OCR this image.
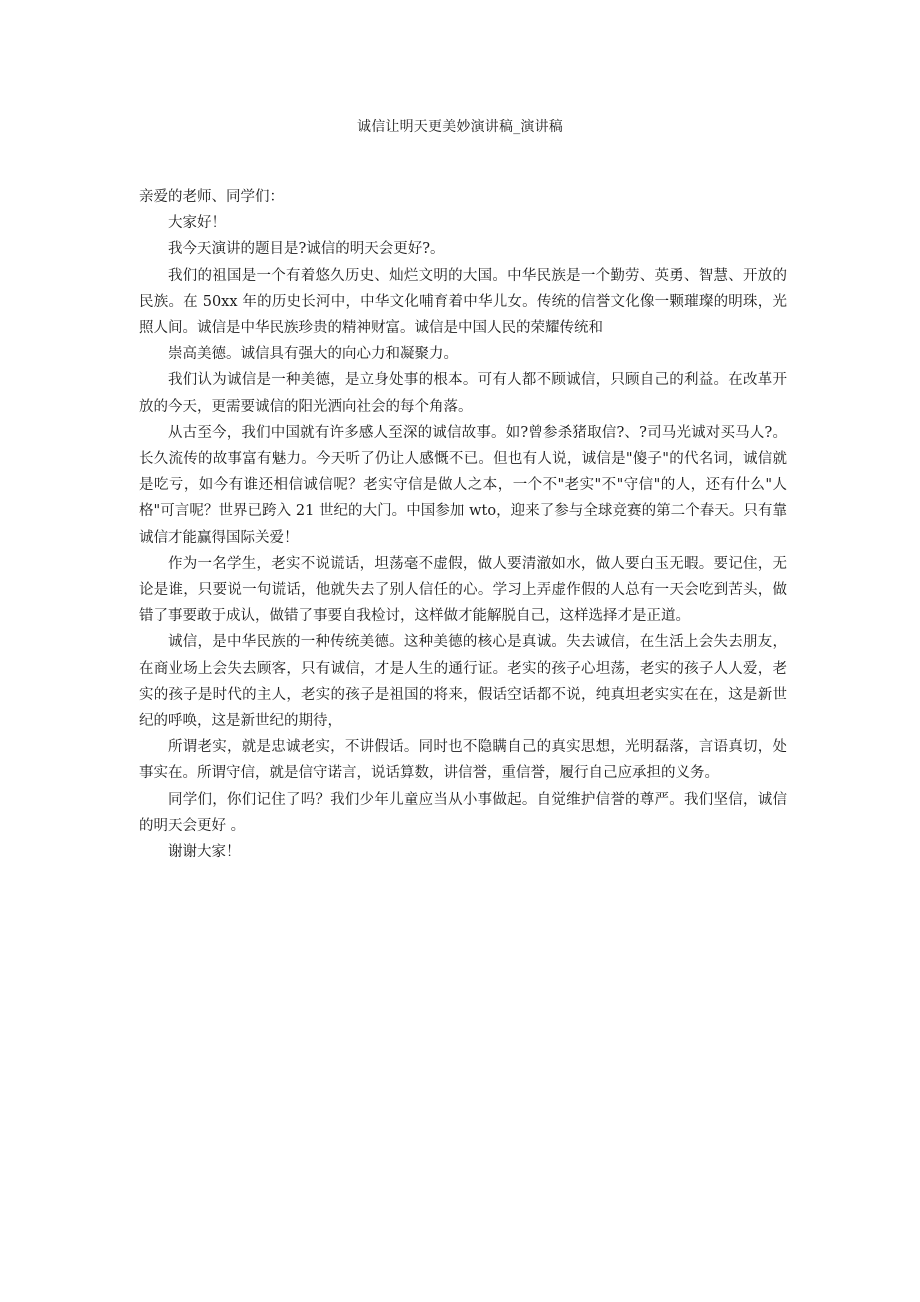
诚信让明天更美妙演讲稿_演讲稿

亲爱的老师、同学们：

大家好！

我今天演讲的题目是?诚信的明天会更好?。

我们的祖国是一个有着悠久历史、灿烂文明的大国。中华民族是一个勤劳、英勇、智慧、开放的民族。在 50xx 年的历史长河中，中华文化哺育着中华儿女。传统的信誉文化像一颗璀璨的明珠，光照人间。诚信是中华民族珍贵的精神财富。诚信是中国人民的荣耀传统和

崇高美德。诚信具有强大的向心力和凝聚力。

我们认为诚信是一种美德，是立身处事的根本。可有人都不顾诚信，只顾自己的利益。在改革开放的今天，更需要诚信的阳光洒向社会的每个角落。

从古至今，我们中国就有许多感人至深的诚信故事。如?曾参杀猪取信?、?司马光诚对买马人?。长久流传的故事富有魅力。今天听了仍让人感慨不已。但也有人说，诚信是"傻子"的代名词，诚信就是吃亏，如今有谁还相信诚信呢？老实守信是做人之本，一个不"老实"不"守信"的人，还有什么"人格"可言呢？世界已跨入 21 世纪的大门。中国参加 wto，迎来了参与全球竞赛的第二个春天。只有靠诚信才能赢得国际关爱！

作为一名学生，老实不说谎话，坦荡毫不虚假，做人要清澈如水，做人要白玉无暇。要记住，无论是谁，只要说一句谎话，他就失去了别人信任的心。学习上弄虚作假的人总有一天会吃到苦头，做错了事要敢于成认，做错了事要自我检讨，这样做才能解脱自己，这样选择才是正道。

诚信，是中华民族的一种传统美德。这种美德的核心是真诚。失去诚信，在生活上会失去朋友，在商业场上会失去顾客，只有诚信，才是人生的通行证。老实的孩子心坦荡，老实的孩子人人爱，老实的孩子是时代的主人，老实的孩子是祖国的将来，假话空话都不说，纯真坦老实实在在，这是新世纪的呼唤，这是新世纪的期待，

所谓老实，就是忠诚老实，不讲假话。同时也不隐瞒自己的真实思想，光明磊落，言语真切，处事实在。所谓守信，就是信守诺言，说话算数，讲信誉，重信誉，履行自己应承担的义务。

同学们，你们记住了吗？我们少年儿童应当从小事做起。自觉维护信誉的尊严。我们坚信，诚信的明天会更好 。

谢谢大家！
